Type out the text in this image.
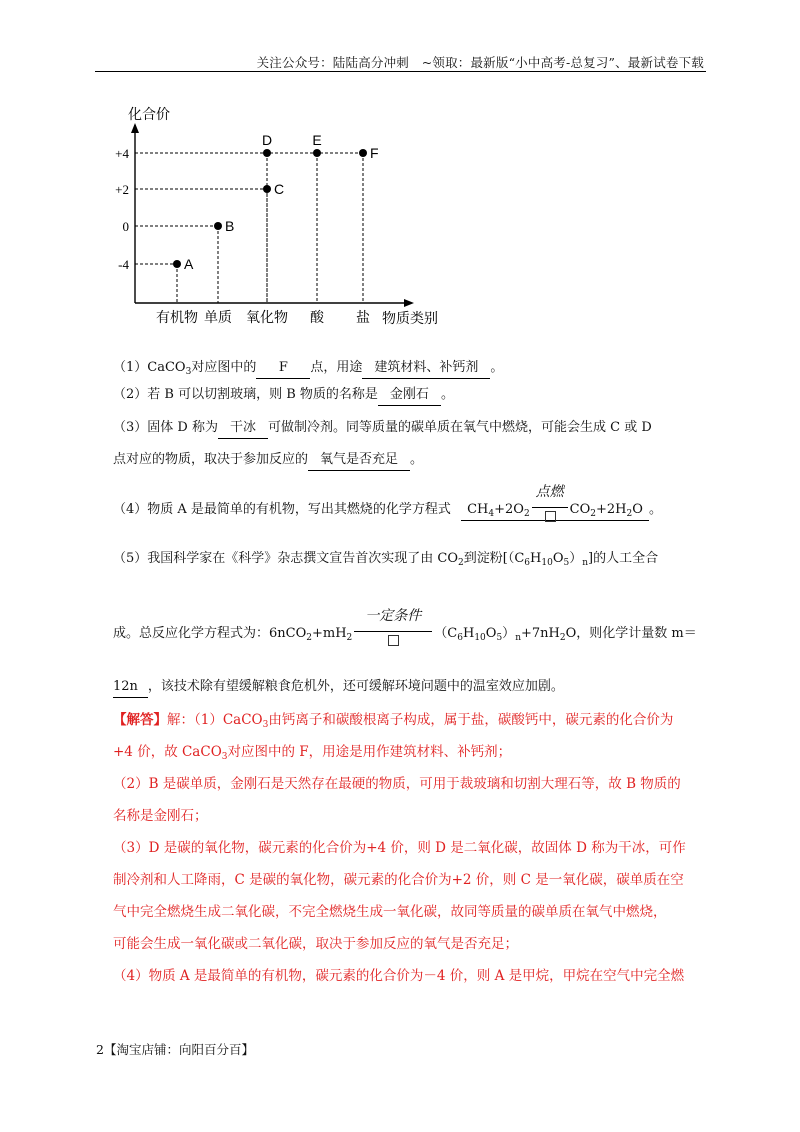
关注公众号：陆陆高分冲刺　~领取：最新版“小中高考-总复习”、最新试卷下载
化合价
+4
+2
0
-4
有机物 单质 氧化物 酸 盐
A
B
C
D	E
F
物质类别
（1）CaCO$_3$对应图中的 F 点，用途 建筑材料、补钙剂 。
（2）若 B 可以切割玻璃，则 B 物质的名称是 金刚石 。
（3）固体 D 称为 干冰 可做制冷剂。同等质量的碳单质在氧气中燃烧，可能会生成 C 或 D
点对应的物质，取决于参加反应的 氧气是否充足 。
（4）物质 A 是最简单的有机物，写出其燃烧的化学方程式 $CH_4+2O_2$
点燃
$CO_2+2H_2O$ 。
（5）我国科学家在《科学》杂志撰文宣告首次实现了由 $CO_2$到淀粉$[(C_6H_{10}O_5)_n]$的人工全合
成。总反应化学方程式为：$6nCO_2+mH_2$
一定条件
$(C_6H_{10}O_5)_n+7nH_2O$，则化学计量数 m＝
12n ，该技术除有望缓解粮食危机外，还可缓解环境问题中的温室效应加剧。
【解答】解：（1）CaCO$_3$由钙离子和碳酸根离子构成，属于盐，碳酸钙中，碳元素的化合价为
+4 价，故 CaCO$_3$对应图中的 F，用途是用作建筑材料、补钙剂；
（2）B 是碳单质，金刚石是天然存在最硬的物质，可用于裁玻璃和切割大理石等，故 B 物质的
名称是金刚石；
（3）D 是碳的氧化物，碳元素的化合价为+4 价，则 D 是二氧化碳，故固体 D 称为干冰，可作
制冷剂和人工降雨，C 是碳的氧化物，碳元素的化合价为+2 价，则 C 是一氧化碳，碳单质在空
气中完全燃烧生成二氧化碳，不完全燃烧生成一氧化碳，故同等质量的碳单质在氧气中燃烧，
可能会生成一氧化碳或二氧化碳，取决于参加反应的氧气是否充足；
（4）物质 A 是最简单的有机物，碳元素的化合价为－4 价，则 A 是甲烷，甲烷在空气中完全燃
2【淘宝店铺：向阳百分百】
